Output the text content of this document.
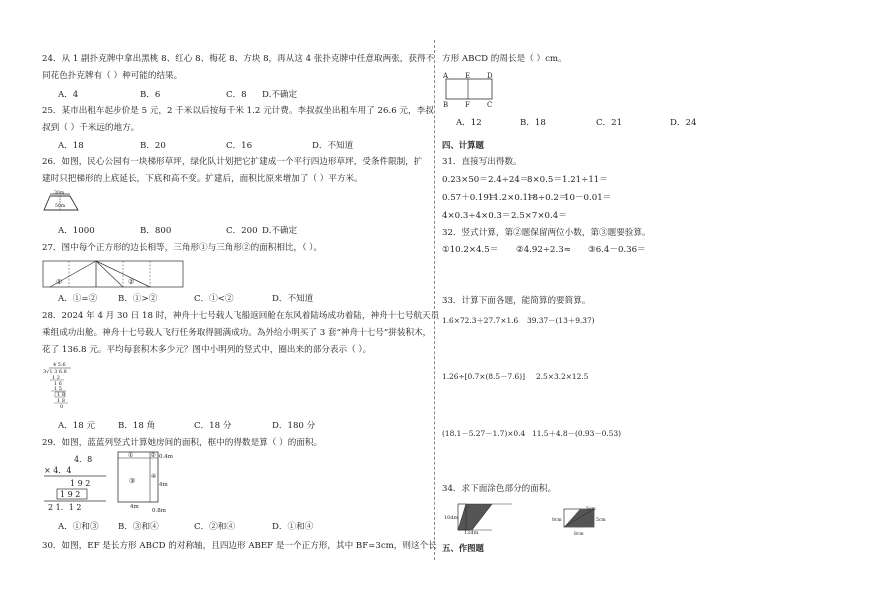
24．从 1 副扑克牌中拿出黑桃 8、红心 8、梅花 8、方块 8，再从这 4 张扑克牌中任意取两张，获得不
同花色扑克牌有（ ）种可能的结果。
A．4	B．6	C．8 D.不确定
25．某市出租车起步价是 5 元，2 千米以后按每千米 1.2 元计费。李叔叔坐出租车用了 26.6 元，李叔
叔到（ ）千米远的地方。
A．18	B．20	C．16	D．不知道
26．如图，民心公园有一块梯形草坪，绿化队计划把它扩建成一个平行四边形草坪，受条件限制，扩
建时只把梯形的上底延长，下底和高不变。扩建后，面积比原来增加了（ ）平方米。
30m
50m
A．1000	B．800	C．200 D.不确定
27．图中每个正方形的边长相等，三角形①与三角形②的面积相比，（ ）。
①	②
A．①=② B．①>②	C．①<②	D．不知道
28．2024 年 4 月 30 日 18 时，神舟十七号载人飞船返回舱在东风着陆场成功着陆，神舟十七号航天员
乘组成功出舱。神舟十七号载人飞行任务取得圆满成功。為外给小明买了 3 套“神舟十七号”拼装积木，
花了 136.8 元。平均每套积木多少元？图中小明列的竖式中，圈出来的部分表示（ ）。
4 5.6
3√1 3 6.8
1 2
1 6
1 5
1 8
1 8
0
A．18 元	B．18 角	C．18 分	D．180 分
29．如图，蓝蓝列竖式计算她房间的面积，框中的得数是算（ ）的面积。
4．8
× 4．4
1 9 2
1 9 2
2 1．1 2
①	②
③
④
0.4m
4m
4m
0.8m
A．①和③ B．③和④	C．②和④	D．①和④
30．如图，EF 是长方形 ABCD 的对称轴，且四边形 ABEF 是一个正方形，其中 BF=3cm，则这个长
方形 ABCD 的周长是（ ）cm。
A E D
B F C
A．12	B．18	C．21	D．24
四、计算题
31．直接写出得数。
0.23×50＝ 2.4÷24＝
8×0.5＝ 1.21÷11＝
0.57＋0.19＝
11.2×0.1＝
18÷0.2＝
10－0.01＝
4×0.3÷4×0.3＝ 2.5×7×0.4＝
32．竖式计算，第②题保留两位小数，第③题要验算。
①10.2×4.5＝ ②4.92÷2.3≈ ③6.4－0.36＝
33．计算下面各题，能简算的要简算。
1.6×72.3＋27.7×1.6 39.37－(13＋9.37)
1.26÷[0.7×(8.5－7.6)] 2.5×3.2×12.5
(18.1－5.27－1.7)×0.4 11.5＋4.8－(0.93－0.53)
34．求下面涂色部分的面积。
10dm
12dm
5cm
8cm	5cm
8cm
五、作图题
